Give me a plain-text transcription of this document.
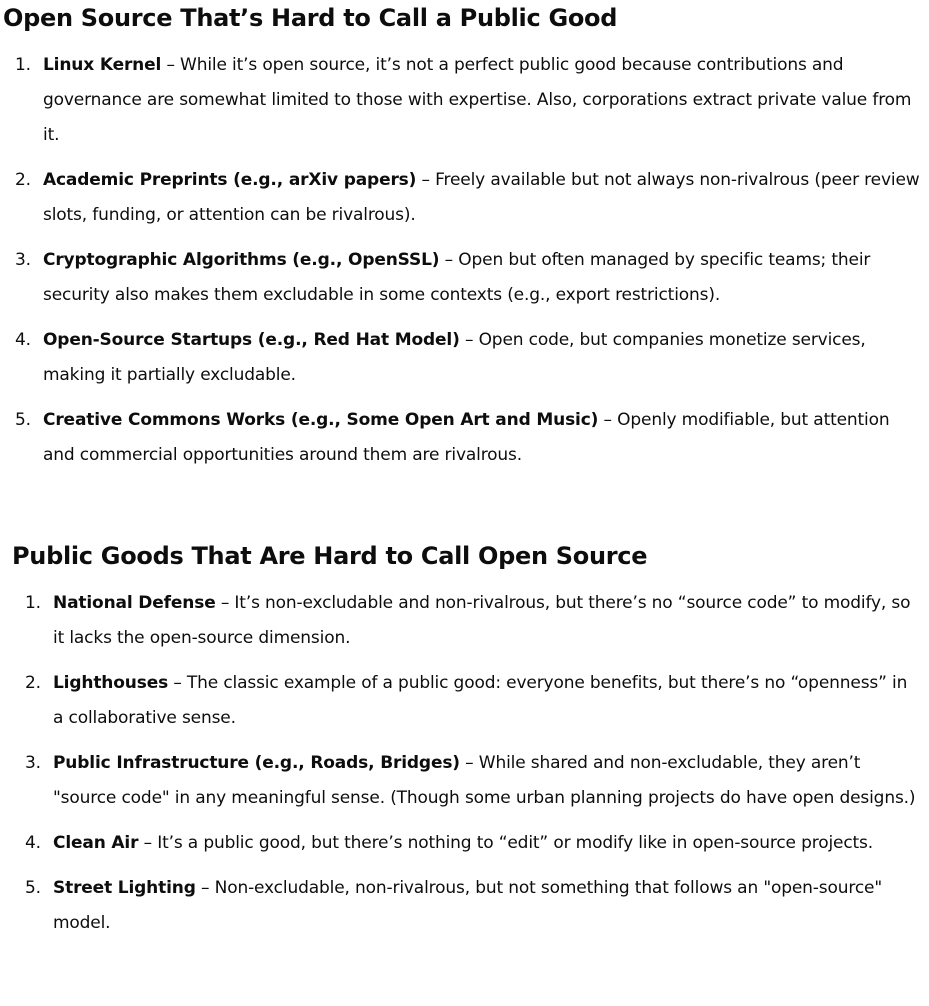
Open Source That’s Hard to Call a Public Good
1. Linux Kernel – While it’s open source, it’s not a perfect public good because contributions and governance are somewhat limited to those with expertise. Also, corporations extract private value from it.
2. Academic Preprints (e.g., arXiv papers) – Freely available but not always non-rivalrous (peer review slots, funding, or attention can be rivalrous).
3. Cryptographic Algorithms (e.g., OpenSSL) – Open but often managed by specific teams; their security also makes them excludable in some contexts (e.g., export restrictions).
4. Open-Source Startups (e.g., Red Hat Model) – Open code, but companies monetize services, making it partially excludable.
5. Creative Commons Works (e.g., Some Open Art and Music) – Openly modifiable, but attention and commercial opportunities around them are rivalrous.
Public Goods That Are Hard to Call Open Source
1. National Defense – It’s non-excludable and non-rivalrous, but there’s no “source code” to modify, so it lacks the open-source dimension.
2. Lighthouses – The classic example of a public good: everyone benefits, but there’s no “openness” in a collaborative sense.
3. Public Infrastructure (e.g., Roads, Bridges) – While shared and non-excludable, they aren’t "source code" in any meaningful sense. (Though some urban planning projects do have open designs.)
4. Clean Air – It’s a public good, but there’s nothing to “edit” or modify like in open-source projects.
5. Street Lighting – Non-excludable, non-rivalrous, but not something that follows an "open-source" model.
